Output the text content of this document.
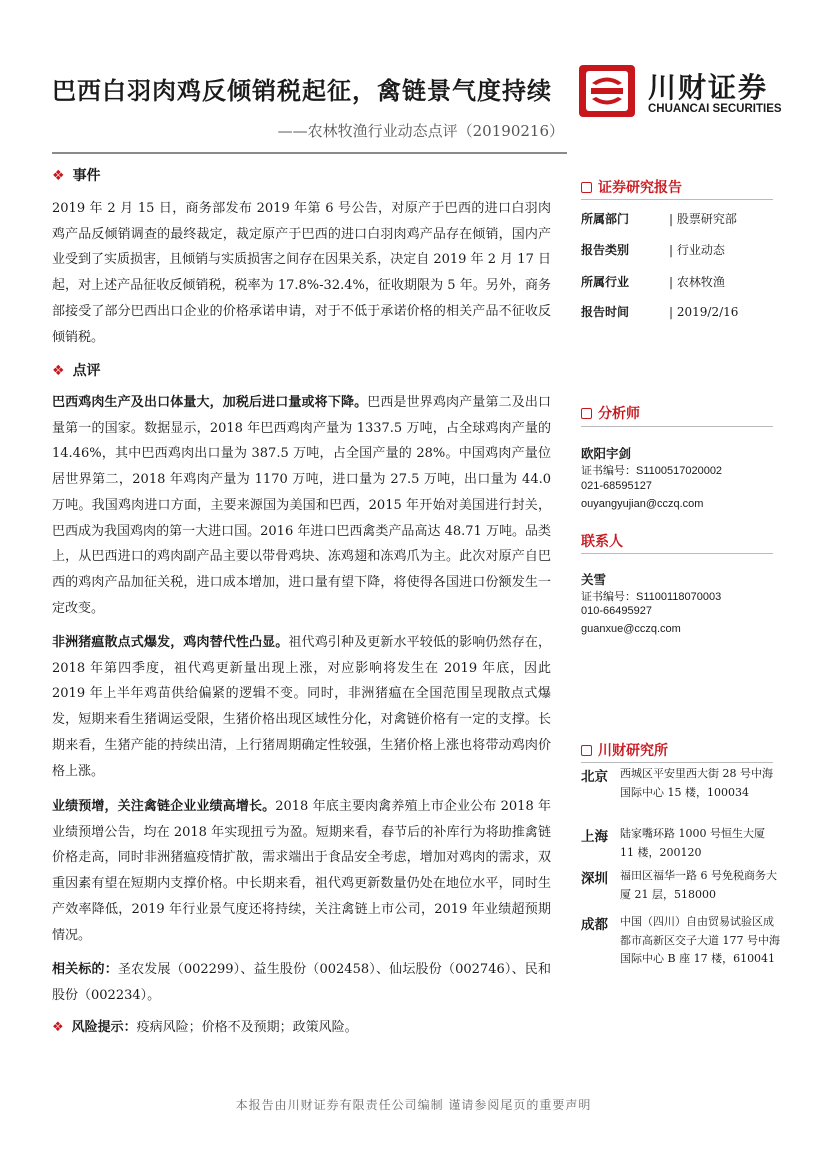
巴西白羽肉鸡反倾销税起征，禽链景气度持续
——农林牧渔行业动态点评（20190216）
川财证券
CHUANCAI SECURITIES
❖ 事件
2019 年 2 月 15 日，商务部发布 2019 年第 6 号公告，对原产于巴西的进口白羽肉鸡产品反倾销调查的最终裁定，裁定原产于巴西的进口白羽肉鸡产品存在倾销，国内产业受到了实质损害，且倾销与实质损害之间存在因果关系，决定自 2019 年 2 月 17 日起，对上述产品征收反倾销税，税率为 17.8%-32.4%，征收期限为 5 年。另外，商务部接受了部分巴西出口企业的价格承诺申请，对于不低于承诺价格的相关产品不征收反倾销税。
❖ 点评
巴西鸡肉生产及出口体量大，加税后进口量或将下降。巴西是世界鸡肉产量第二及出口量第一的国家。数据显示，2018 年巴西鸡肉产量为 1337.5 万吨，占全球鸡肉产量的 14.46%，其中巴西鸡肉出口量为 387.5 万吨，占全国产量的 28%。中国鸡肉产量位居世界第二，2018 年鸡肉产量为 1170 万吨，进口量为 27.5 万吨，出口量为 44.0 万吨。我国鸡肉进口方面，主要来源国为美国和巴西，2015 年开始对美国进行封关，巴西成为我国鸡肉的第一大进口国。2016 年进口巴西禽类产品高达 48.71 万吨。品类上，从巴西进口的鸡肉副产品主要以带骨鸡块、冻鸡翅和冻鸡爪为主。此次对原产自巴西的鸡肉产品加征关税，进口成本增加，进口量有望下降，将使得各国进口份额发生一定改变。
非洲猪瘟散点式爆发，鸡肉替代性凸显。祖代鸡引种及更新水平较低的影响仍然存在，2018 年第四季度，祖代鸡更新量出现上涨，对应影响将发生在 2019 年底，因此 2019 年上半年鸡苗供给偏紧的逻辑不变。同时，非洲猪瘟在全国范围呈现散点式爆发，短期来看生猪调运受限，生猪价格出现区域性分化，对禽链价格有一定的支撑。长期来看，生猪产能的持续出清，上行猪周期确定性较强，生猪价格上涨也将带动鸡肉价格上涨。
业绩预增，关注禽链企业业绩高增长。2018 年底主要肉禽养殖上市企业公布 2018 年业绩预增公告，均在 2018 年实现扭亏为盈。短期来看，春节后的补库行为将助推禽链价格走高，同时非洲猪瘟疫情扩散，需求端出于食品安全考虑，增加对鸡肉的需求，双重因素有望在短期内支撑价格。中长期来看，祖代鸡更新数量仍处在地位水平，同时生产效率降低，2019 年行业景气度还将持续，关注禽链上市公司，2019 年业绩超预期情况。
相关标的：圣农发展（002299）、益生股份（002458）、仙坛股份（002746）、民和股份（002234）。
❖ 风险提示：疫病风险；价格不及预期；政策风险。
证券研究报告
所属部门	| 股票研究部
报告类别	| 行业动态
所属行业	| 农林牧渔
报告时间	| 2019/2/16
分析师
欧阳宇剑
证书编号：S1100517020002
021-68595127
ouyangyujian@cczq.com
联系人
关雪
证书编号：S1100118070003
010-66495927
guanxue@cczq.com
川财研究所
北京 西城区平安里西大街 28 号中海国际中心 15 楼，100034
上海 陆家嘴环路 1000 号恒生大厦 11 楼，200120
深圳 福田区福华一路 6 号免税商务大厦 21 层，518000
成都 中国（四川）自由贸易试验区成都市高新区交子大道 177 号中海国际中心 B 座 17 楼，610041
本报告由川财证券有限责任公司编制 谨请参阅尾页的重要声明
